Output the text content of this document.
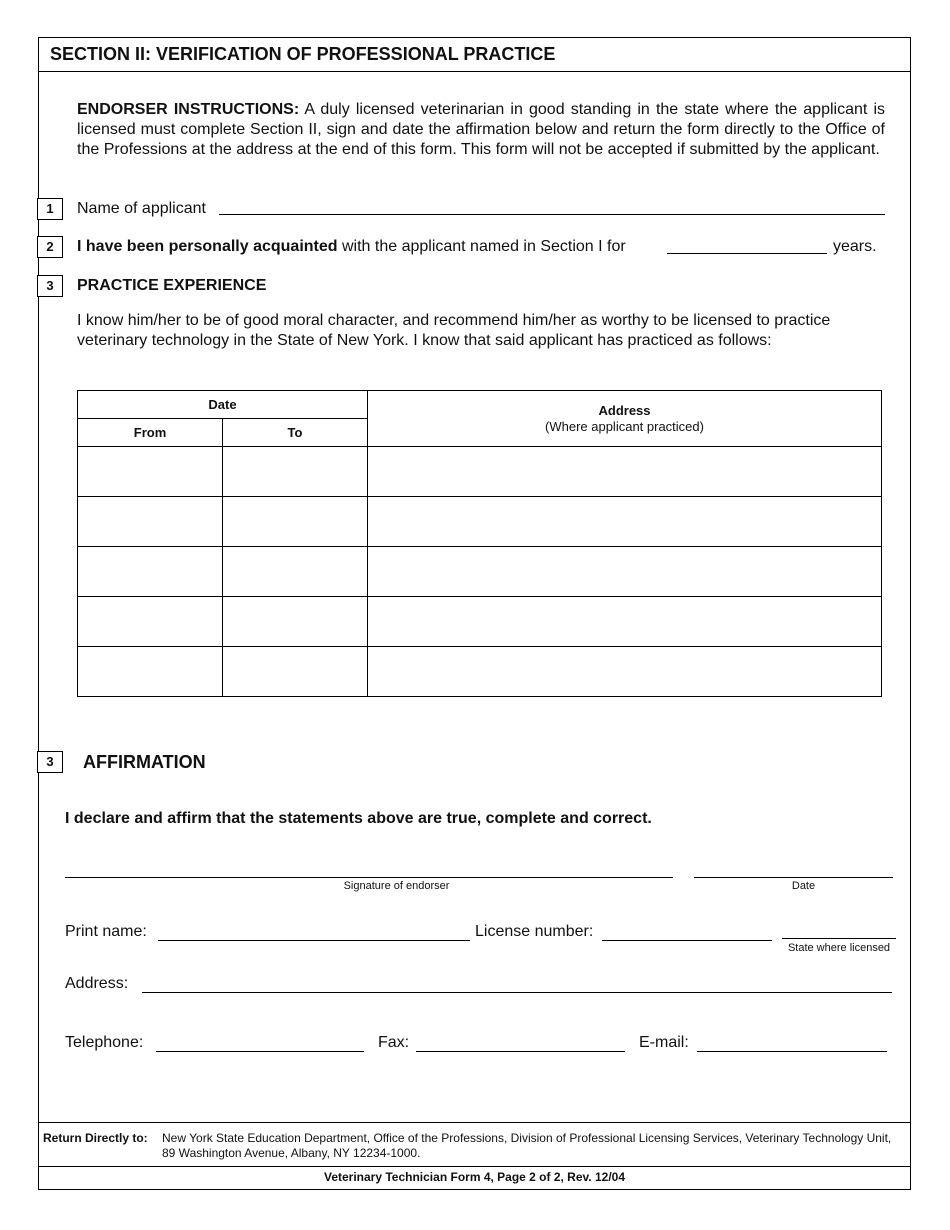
SECTION II: VERIFICATION OF PROFESSIONAL PRACTICE
ENDORSER INSTRUCTIONS: A duly licensed veterinarian in good standing in the state where the applicant is licensed must complete Section II, sign and date the affirmation below and return the form directly to the Office of the Professions at the address at the end of this form. This form will not be accepted if submitted by the applicant.
1	Name of applicant
2	I have been personally acquainted with the applicant named in Section I for	years.
3	PRACTICE EXPERIENCE
I know him/her to be of good moral character, and recommend him/her as worthy to be licensed to practice veterinary technology in the State of New York. I know that said applicant has practiced as follows:
Date		Address
(Where applicant practiced)
From	To	

3	AFFIRMATION
I declare and affirm that the statements above are true, complete and correct.
Signature of endorser	Date
Print name:	License number:
State where licensed
Address:
Telephone:	Fax:	E-mail:
Return Directly to: New York State Education Department, Office of the Professions, Division of Professional Licensing Services, Veterinary Technology Unit, 89 Washington Avenue, Albany, NY 12234-1000.
Veterinary Technician Form 4, Page 2 of 2, Rev. 12/04
